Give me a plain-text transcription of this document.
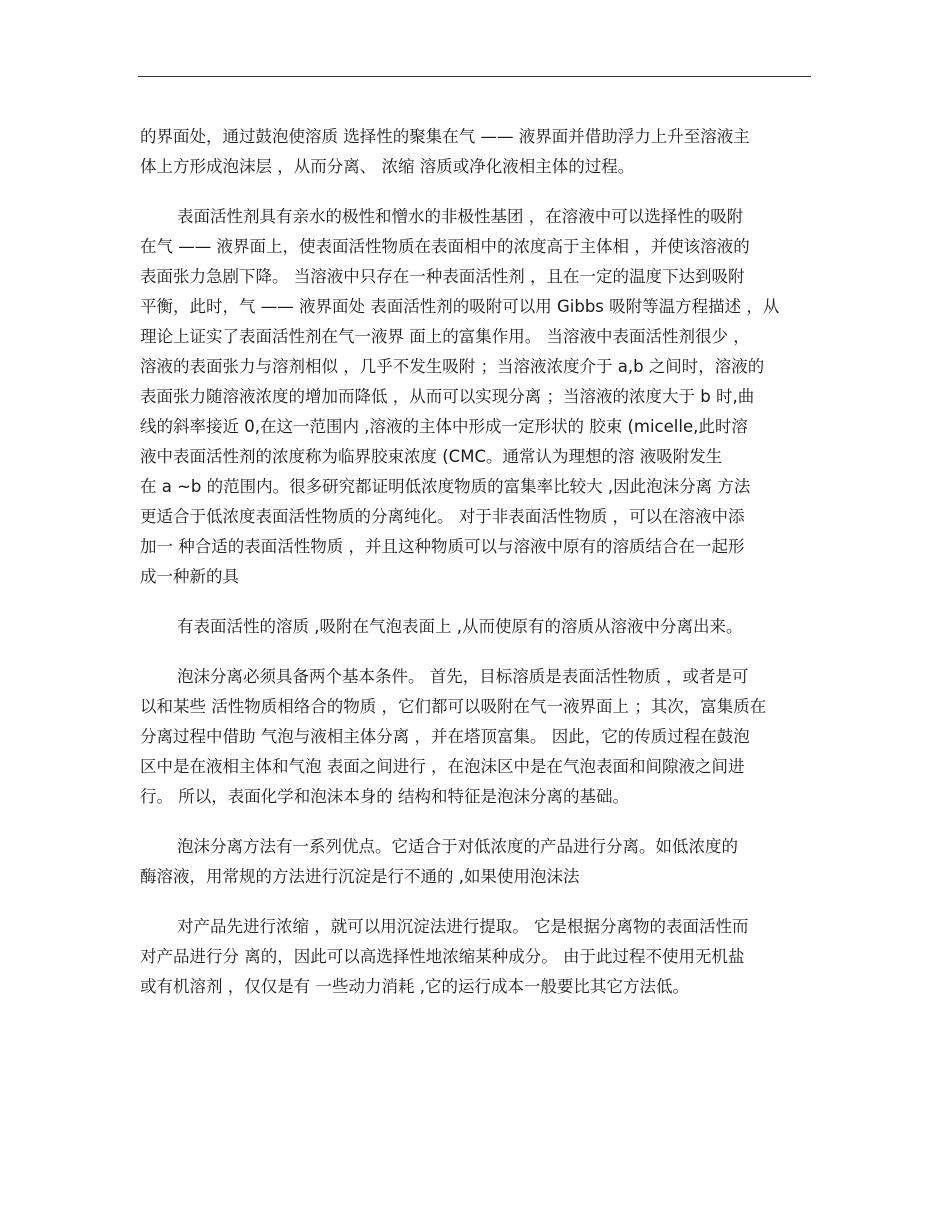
的界面处，通过鼓泡使溶质 选择性的聚集在气 —— 液界面并借助浮力上升至溶液主
体上方形成泡沫层 ，从而分离、 浓缩 溶质或净化液相主体的过程。

表面活性剂具有亲水的极性和憎水的非极性基团 ，在溶液中可以选择性的吸附
在气 —— 液界面上，使表面活性物质在表面相中的浓度高于主体相 ，并使该溶液的
表面张力急剧下降。 当溶液中只存在一种表面活性剂 ，且在一定的温度下达到吸附
平衡，此时，气 —— 液界面处 表面活性剂的吸附可以用 Gibbs 吸附等温方程描述 ，从
理论上证实了表面活性剂在气一液界 面上的富集作用。 当溶液中表面活性剂很少 ，
溶液的表面张力与溶剂相似 ，几乎不发生吸附 ；当溶液浓度介于 a,b 之间时，溶液的
表面张力随溶液浓度的增加而降低 ，从而可以实现分离 ；当溶液的浓度大于 b 时,曲
线的斜率接近 0,在这一范围内 ,溶液的主体中形成一定形状的 胶束 (micelle,此时溶
液中表面活性剂的浓度称为临界胶束浓度 (CMC。通常认为理想的溶 液吸附发生
在 a ~b 的范围内。很多研究都证明低浓度物质的富集率比较大 ,因此泡沫分离 方法
更适合于低浓度表面活性物质的分离纯化。 对于非表面活性物质 ，可以在溶液中添
加一 种合适的表面活性物质 ，并且这种物质可以与溶液中原有的溶质结合在一起形
成一种新的具

有表面活性的溶质 ,吸附在气泡表面上 ,从而使原有的溶质从溶液中分离出来。

泡沫分离必须具备两个基本条件。 首先，目标溶质是表面活性物质 ，或者是可
以和某些 活性物质相络合的物质 ，它们都可以吸附在气一液界面上 ；其次，富集质在
分离过程中借助 气泡与液相主体分离 ，并在塔顶富集。 因此，它的传质过程在鼓泡
区中是在液相主体和气泡 表面之间进行 ，在泡沫区中是在气泡表面和间隙液之间进
行。 所以，表面化学和泡沫本身的 结构和特征是泡沫分离的基础。

泡沫分离方法有一系列优点。它适合于对低浓度的产品进行分离。如低浓度的
酶溶液，用常规的方法进行沉淀是行不通的 ,如果使用泡沫法

对产品先进行浓缩 ，就可以用沉淀法进行提取。 它是根据分离物的表面活性而
对产品进行分 离的，因此可以高选择性地浓缩某种成分。 由于此过程不使用无机盐
或有机溶剂 ，仅仅是有 一些动力消耗 ,它的运行成本一般要比其它方法低。
